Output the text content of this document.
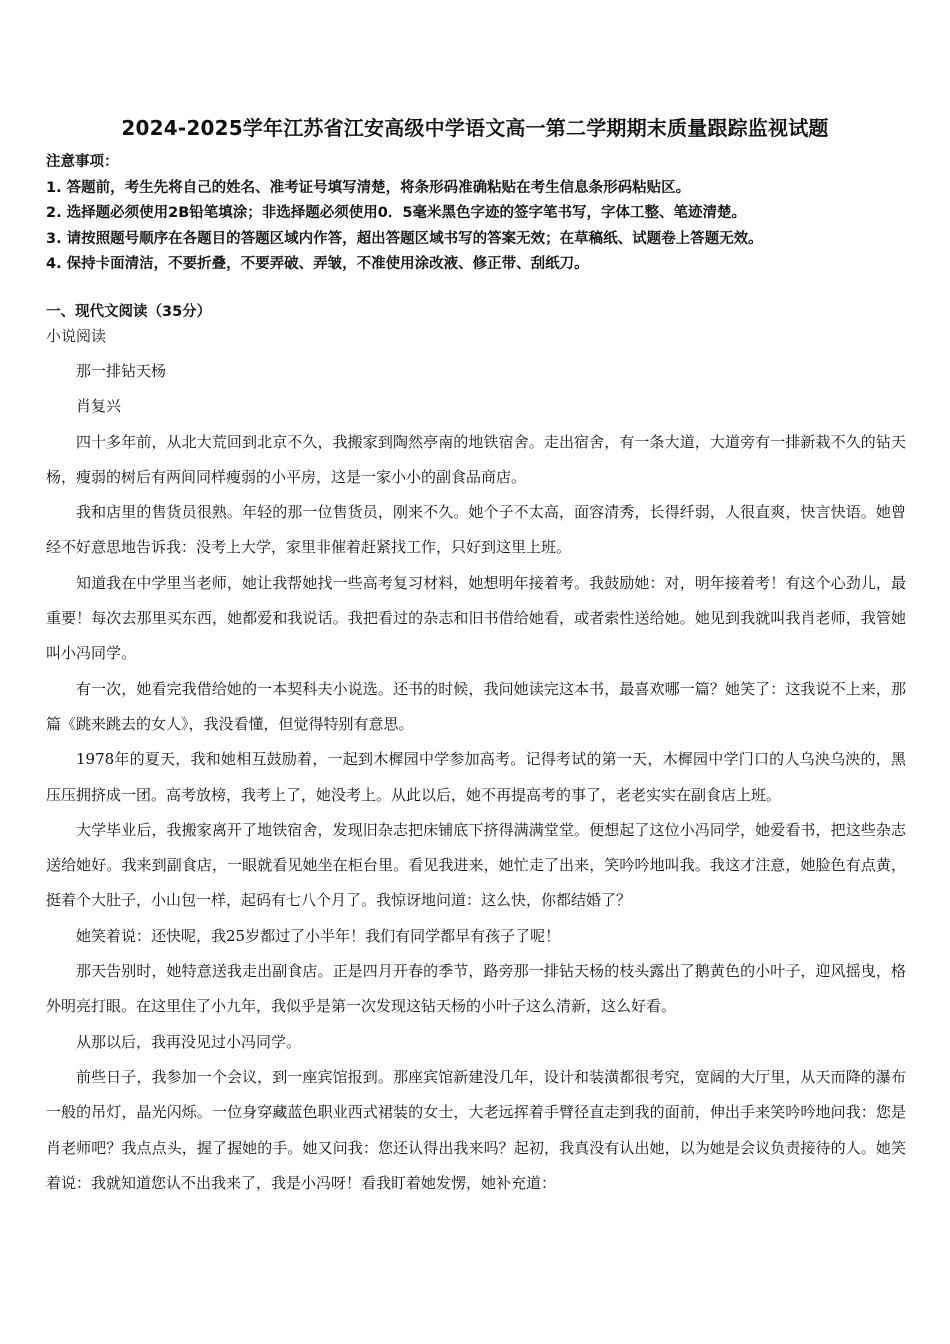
2024-2025学年江苏省江安高级中学语文高一第二学期期末质量跟踪监视试题
注意事项：
1. 答题前，考生先将自己的姓名、准考证号填写清楚，将条形码准确粘贴在考生信息条形码粘贴区。
2. 选择题必须使用2B铅笔填涂；非选择题必须使用0．5毫米黑色字迹的签字笔书写，字体工整、笔迹清楚。
3. 请按照题号顺序在各题目的答题区域内作答，超出答题区域书写的答案无效；在草稿纸、试题卷上答题无效。
4. 保持卡面清洁，不要折叠，不要弄破、弄皱，不准使用涂改液、修正带、刮纸刀。
一、现代文阅读（35分）
小说阅读

那一排钻天杨

肖复兴

四十多年前，从北大荒回到北京不久，我搬家到陶然亭南的地铁宿舍。走出宿舍，有一条大道，大道旁有一排新栽不久的钻天杨，瘦弱的树后有两间同样瘦弱的小平房，这是一家小小的副食品商店。

我和店里的售货员很熟。年轻的那一位售货员，刚来不久。她个子不太高，面容清秀，长得纤弱，人很直爽，快言快语。她曾经不好意思地告诉我：没考上大学，家里非催着赶紧找工作，只好到这里上班。

知道我在中学里当老师，她让我帮她找一些高考复习材料，她想明年接着考。我鼓励她：对，明年接着考！有这个心劲儿，最重要！每次去那里买东西，她都爱和我说话。我把看过的杂志和旧书借给她看，或者索性送给她。她见到我就叫我肖老师，我管她叫小冯同学。

有一次，她看完我借给她的一本契科夫小说选。还书的时候，我问她读完这本书，最喜欢哪一篇？她笑了：这我说不上来，那篇《跳来跳去的女人》，我没看懂，但觉得特别有意思。

1978年的夏天，我和她相互鼓励着，一起到木樨园中学参加高考。记得考试的第一天，木樨园中学门口的人乌泱乌泱的，黑压压拥挤成一团。高考放榜，我考上了，她没考上。从此以后，她不再提高考的事了，老老实实在副食店上班。

大学毕业后，我搬家离开了地铁宿舍，发现旧杂志把床铺底下挤得满满堂堂。便想起了这位小冯同学，她爱看书，把这些杂志送给她好。我来到副食店，一眼就看见她坐在柜台里。看见我进来，她忙走了出来，笑吟吟地叫我。我这才注意，她脸色有点黄，挺着个大肚子，小山包一样，起码有七八个月了。我惊讶地问道：这么快，你都结婚了？

她笑着说：还快呢，我25岁都过了小半年！我们有同学都早有孩子了呢！

那天告别时，她特意送我走出副食店。正是四月开春的季节，路旁那一排钻天杨的枝头露出了鹅黄色的小叶子，迎风摇曳，格外明亮打眼。在这里住了小九年，我似乎是第一次发现这钻天杨的小叶子这么清新，这么好看。

从那以后，我再没见过小冯同学。

前些日子，我参加一个会议，到一座宾馆报到。那座宾馆新建没几年，设计和装潢都很考究，宽阔的大厅里，从天而降的瀑布一般的吊灯，晶光闪烁。一位身穿藏蓝色职业西式裙装的女士，大老远挥着手臂径直走到我的面前，伸出手来笑吟吟地问我：您是肖老师吧？我点点头，握了握她的手。她又问我：您还认得出我来吗？起初，我真没有认出她，以为她是会议负责接待的人。她笑着说：我就知道您认不出我来了，我是小冯呀！看我盯着她发愣，她补充道：
